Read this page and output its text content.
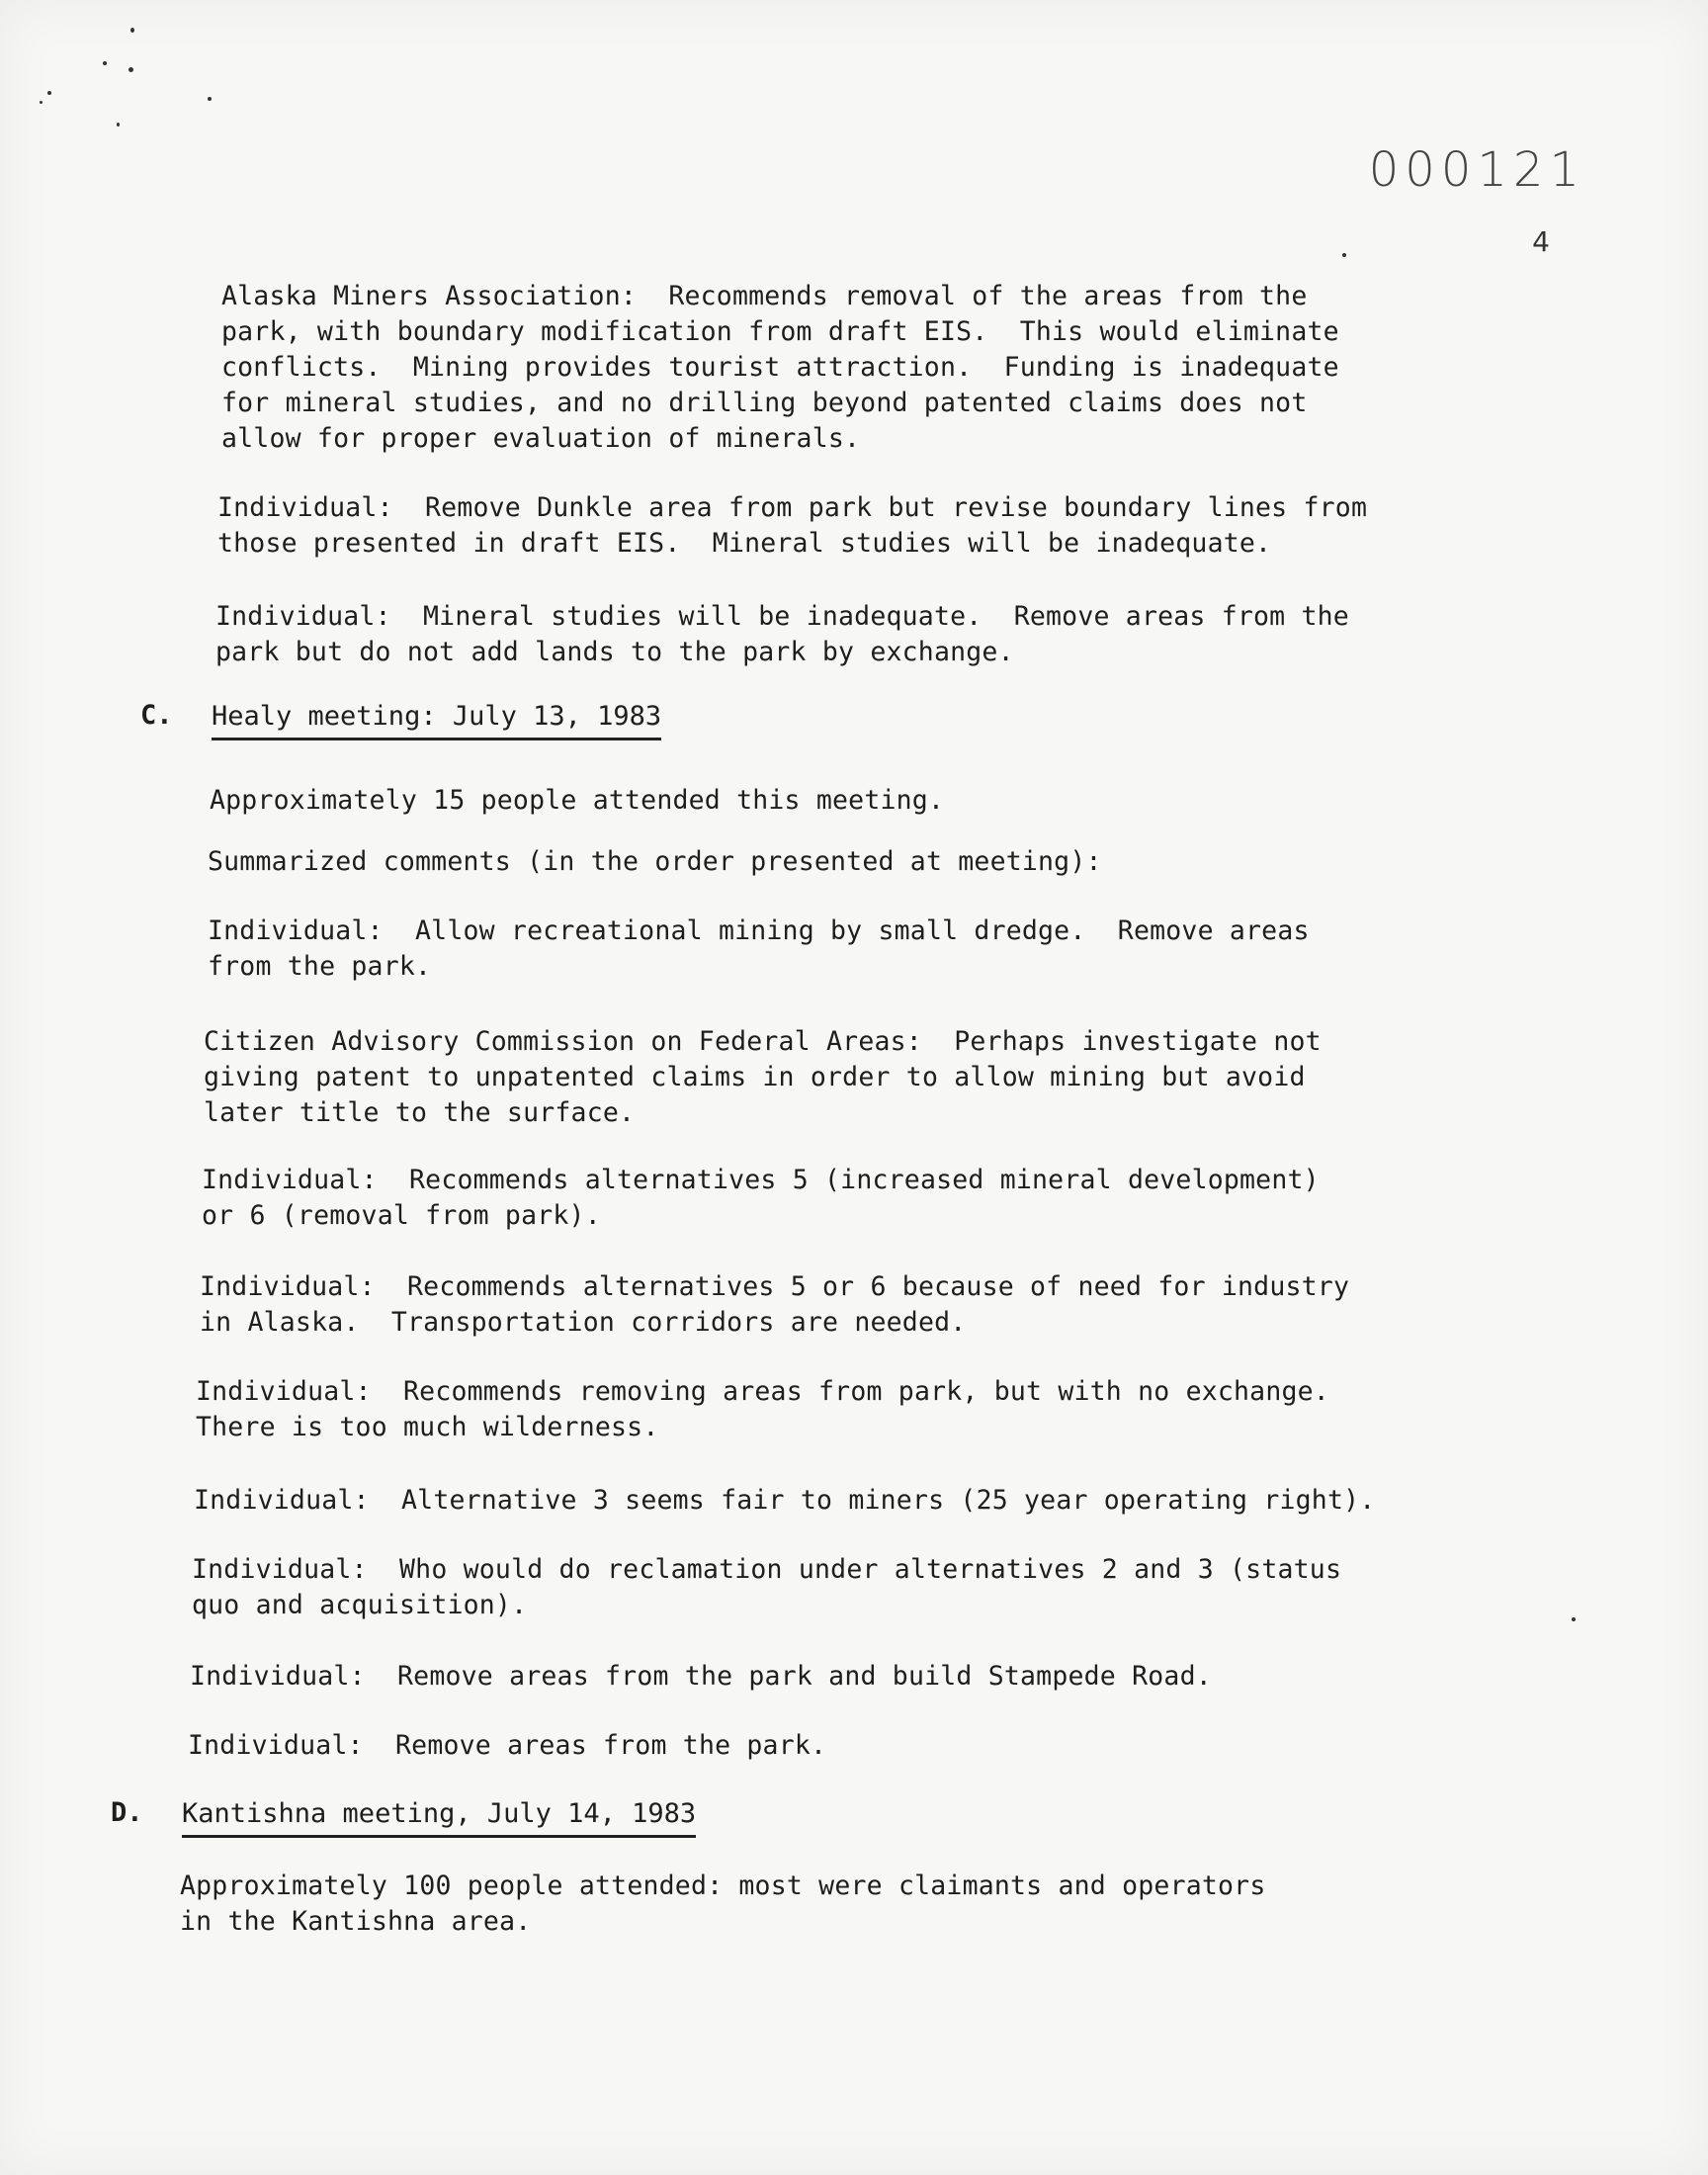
000121
4
Alaska Miners Association:  Recommends removal of the areas from the
park, with boundary modification from draft EIS.  This would eliminate
conflicts.  Mining provides tourist attraction.  Funding is inadequate
for mineral studies, and no drilling beyond patented claims does not
allow for proper evaluation of minerals.
Individual:  Remove Dunkle area from park but revise boundary lines from
those presented in draft EIS.  Mineral studies will be inadequate.
Individual:  Mineral studies will be inadequate.  Remove areas from the
park but do not add lands to the park by exchange.
C. Healy meeting: July 13, 1983
Approximately 15 people attended this meeting.
Summarized comments (in the order presented at meeting):
Individual:  Allow recreational mining by small dredge.  Remove areas
from the park.
Citizen Advisory Commission on Federal Areas:  Perhaps investigate not
giving patent to unpatented claims in order to allow mining but avoid
later title to the surface.
Individual:  Recommends alternatives 5 (increased mineral development)
or 6 (removal from park).
Individual:  Recommends alternatives 5 or 6 because of need for industry
in Alaska.  Transportation corridors are needed.
Individual:  Recommends removing areas from park, but with no exchange.
There is too much wilderness.
Individual:  Alternative 3 seems fair to miners (25 year operating right).
Individual:  Who would do reclamation under alternatives 2 and 3 (status
quo and acquisition).
Individual:  Remove areas from the park and build Stampede Road.
Individual:  Remove areas from the park.
D. Kantishna meeting, July 14, 1983
Approximately 100 people attended: most were claimants and operators
in the Kantishna area.
